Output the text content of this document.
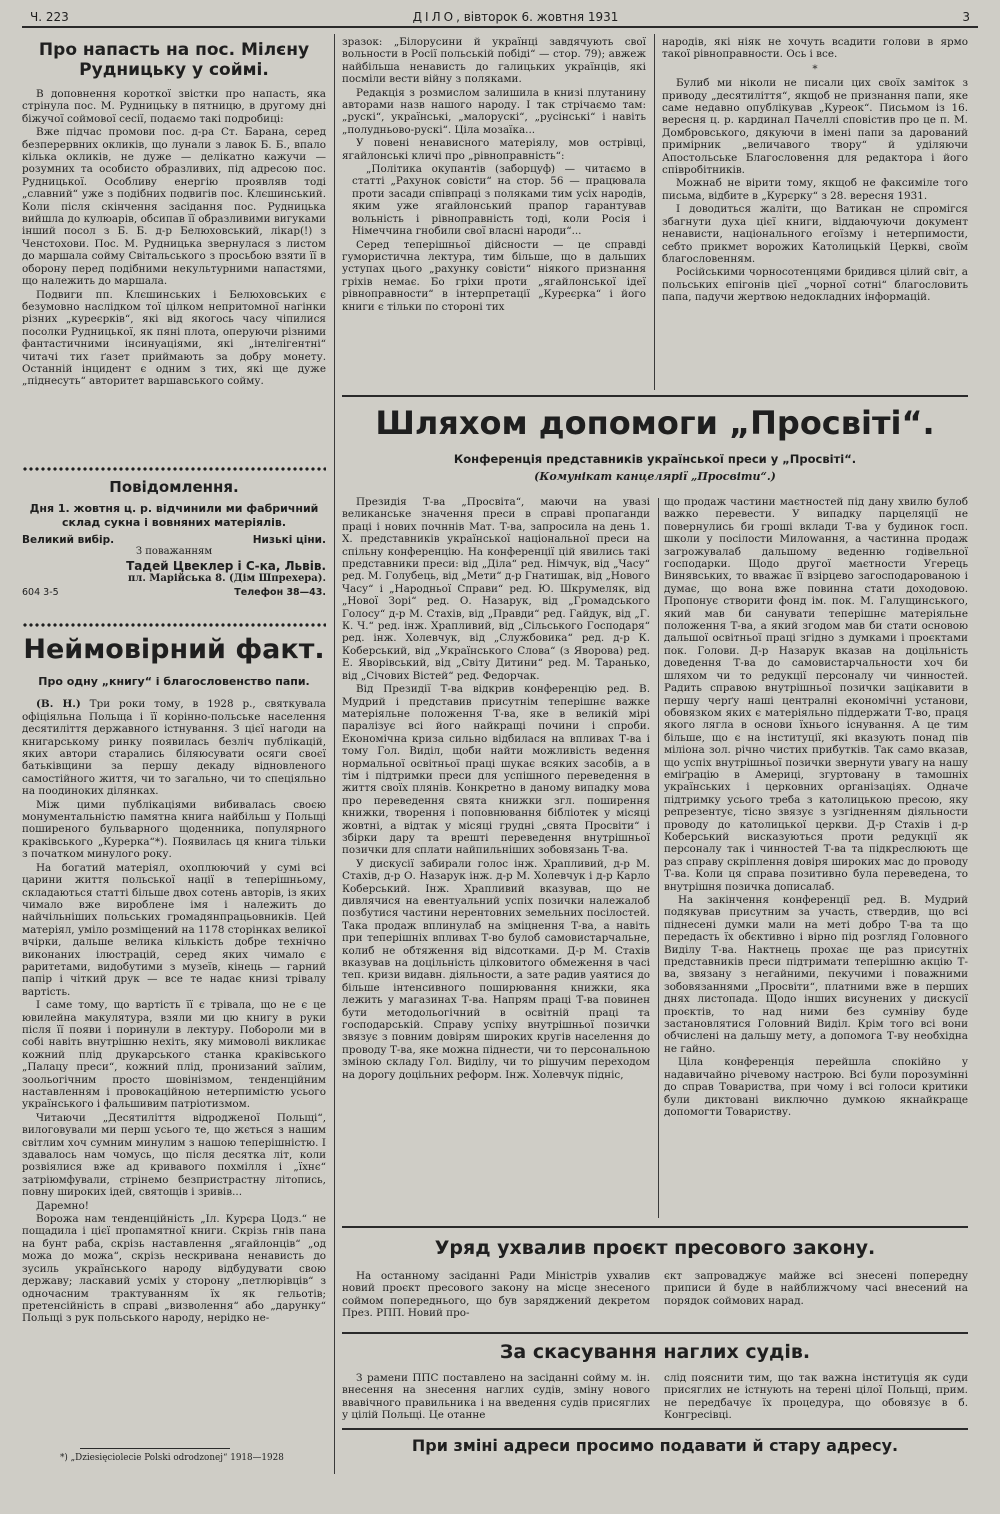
Ч. 223	ДІЛО, вівторок 6. жовтня 1931	3
Про напасть на пос. Мілєну Рудницьку у соймі.

В доповнення короткої звістки про напасть, яка стрінула пос. М. Рудницьку в пятницю, в другому дні біжучої соймової сесії, подаємо такі подробиці:

Вже підчас промови пос. д-ра Ст. Барана, серед безперервних окликів, що лунали з лавок Б. Б., впало кілька окликів, не дуже — делікатно кажучи — розумних та особисто образливих, під адресою пос. Рудницької. Особливу енергію проявляв тоді „славний“ уже з подібних подвигів пос. Клєшинський. Коли після скінчення засідання пос. Рудницька вийшла до кулюарів, обсипав її образливими вигуками інший посол з Б. Б. д-р Белюховський, лікар(!) з Ченстохови. Пос. М. Рудницька звернулася з листом до маршала сойму Світальського з просьбою взяти її в оборону перед подібними некультурними напастями, що належить до маршала.

Подвиги пп. Клєшинських і Белюховських є безумовно наслідком тої цілком непритомної нагінки різних „куреєрків“, які від якогось часу чіпилися посолки Рудницької, як пяні плота, оперуючи різними фантастичними інсинуаціями, які „інтелігентні“ читачі тих ґазет приймають за добру монету. Останній інцидент є одним з тих, які ще дуже „піднесуть“ авторитет варшавського сойму.

Повідомлення.

Дня 1. жовтня ц. р. відчинили ми фабричний склад сукна і вовняних матеріялів.

Великий вибір.	Низькі ціни.

З поважанням

Тадей Цвеклер і С-ка, Львів.

пл. Марійська 8. (Дім Шпрехера).

604 3-5	Телефон 38—43.
Неймовірний факт.

Про одну „книгу“ і благословенство папи.

(В. Н.) Три роки тому, в 1928 р., святкувала офіціяльна Польща і її корінно-польське населення десятиліття державного істнування. З цієї нагоди на книгарському ринку появилась безліч публікацій, яких автори старались біляюсувати осяги своєї батьківщини за першу декаду відновленого самостійного життя, чи то загально, чи то спеціяльно на поодиноких ділянках.

Між цими публікаціями вибивалась своєю монументальністю памятна книга найбільш у Польщі поширеного бульварного щоденника, популярного краківського „Курерка“*). Появилась ця книга тільки з початком минулого року.

На богатий матеріял, охоплюючий у сумі всі царини життя польської нації в теперішньому, складаються статті більше двох сотень авторів, із яких чимало вже вироблене імя і належить до найчільніших польських громадянпрацьовників. Цей матеріял, уміло розміщений на 1178 сторінках великої вчірки, дальше велика кількість добре технічно виконаних ілюстрацій, серед яких чимало є раритетами, видобутими з музеїв, кінець — гарний папір і чіткий друк — все те надає книзі трівалу вартість.

І саме тому, що вартість її є трівала, що не є це ювилейна макулятура, взяли ми цю книгу в руки після її появи і поринули в лектуру. Побороли ми в собі навіть внутрішню нехіть, яку мимоволі викликає кожний плід друкарського станка краківського „Палацу преси“, кожний плід, пронизаний заїлим, зоольогічним просто шовінізмом, тенденційним наставленням і провокаційною нетерпимістю усього українського і фальшивим патріотизмом.

Читаючи „Десятиліття відродженої Польщі“, вилоговували ми перш усього те, що жється з нашим світлим хоч сумним минулим з нашою теперішністю. І здавалось нам чомусь, що після десятка літ, коли розвіялися вже ад кривавого похмілля і „їхнє“ затріюмфували, стрінемо безпристрастну літопись, повну широких ідей, святощів і зривів...

Даремно!

Ворожа нам тенденційність „Іл. Курєра Цодз.“ не пощадила і цієї пропамятної книги. Скрізь гнів пана на бунт раба, скрізь наставлення „ягайлонців“ „од можа до можа“, скрізь нескривана ненависть до зусиль українського народу відбудувати свою державу; ласкавий усміх у сторону „петлюрівців“ з одночасним трактуванням їх як гельотів; претенсійність в справі „визволення“ або „дарунку“ Польщі з рук польського народу, нерідко не-

*) „Dziesięciolecie Polski odrodzonej“ 1918—1928

зразок: „Білорусини й українці завдячують свої вольности в Росії польській побіді“ — стор. 79); авжеж найбільша ненависть до галицьких українців, які посміли вести війну з поляками.

Редакція з розмислом залишила в книзі плутанину авторами назв нашого народу. І так стрічаємо там: „рускі“, українські, „малорускі“, „русінські“ і навіть „полудньово-рускі“. Ціла мозаїка...

У повені ненависного матеріялу, мов острівці, ягайлонські кличі про „рівноправність“:

„Політика окупантів (заборцуф) — читаємо в статті „Рахунок совісти“ на стор. 56 — працювала проти засади співпраці з поляками тим усіх народів, яким уже ягайлонський прапор гарантував вольність і рівноправність тоді, коли Росія і Німеччина гнобили свої власні народи“...

Серед теперішньої дійсности — це справді гумористична лектура, тим більше, що в дальших уступах цього „рахунку совісти“ ніякого признання гріхів немає. Бо гріхи проти „ягайлонської ідеї рівноправности“ в інтерпретації „Куреєрка“ і його книги є тільки по стороні тих

народів, які ніяк не хочуть всадити голови в ярмо такої рівноправности. Ось і все.

*

Булиб ми ніколи не писали цих своїх заміток з приводу „десятиліття“, якщоб не признання папи, яке саме недавно опублікував „Куреок“. Письмом із 16. вересня ц. р. кардинал Пачеллі сповістив про це п. М. Домбровського, дякуючи в імені папи за дарований примірник „величавого твору“ й уділяючи Апостольське Благословення для редактора і його співробітників.

Можнаб не вірити тому, якщоб не факсиміле того письма, відбите в „Курєрку“ з 28. вересня 1931.

І доводиться жаліти, що Ватикан не спромігся збагнути духа цієї книги, віддаючуючи документ ненависти, національного егоїзму і нетерпимости, себто прикмет ворожих Католицькій Церкві, своїм благословенням.

Російськими чорносотенцями бридився цілий світ, а польських епігонів цієї „чорної сотні“ благословить папа, падучи жертвою недокладних інформацій.

Шляхом допомоги „Просвіті“.

Конференція представників української преси у „Просвіті“.

(Комунікат канцелярії „Просвіти“.)

Президія Т-ва „Просвіта“, маючи на увазі великанське значення преси в справі пропаганди праці і нових почннів Мат. Т-ва, запросила на день 1. Х. представників української національної преси на спільну конференцію. На конференції цій явились такі представники преси: від „Діла“ ред. Німчук, від „Часу“ ред. М. Голубець, від „Мети“ д-р Гнатишак, від „Нового Часу“ і „Народньої Справи“ ред. Ю. Шкрумеляк, від „Нової Зорі“ ред. О. Назарук, від „Громадського Голосу“ д-р М. Стахів, від „Правди“ ред. Гайдук, від „Г. К. Ч.“ ред. інж. Храпливий, від „Сільського Господаря“ ред. інж. Холевчук, від „Службовика“ ред. д-р К. Коберський, від „Українського Слова“ (з Яворова) ред. Е. Яворівський, від „Світу Дитини“ ред. М. Таранько, від „Січових Вістей“ ред. Федорчак.

Від Президії Т-ва відкрив конференцію ред. В. Мудрий і представив присутнім теперішнє важке матеріяльне положення Т-ва, яке в великій мірі паралізує всі його найкращі почини і спроби. Економічна криза сильно відбилася на впливах Т-ва і тому Гол. Виділ, щоби найти можливість ведення нормальної освітньої праці шукає всяких засобів, а в тім і підтримки преси для успішного переведення в життя своїх плянів. Конкретно в даному випадку мова про переведення свята книжки згл. поширення книжки, творення і поповнювання бібліотек у місяці жовтні, а відтак у місяці грудні „свята Просвіти“ і збірки дару та врешті переведення внутрішньої позички для сплати найпильніших зобовязань Т-ва.

У дискусії забирали голос інж. Храпливий, д-р М. Стахів, д-р О. Назарук інж. д-р М. Холевчук і д-р Карло Коберський. Інж. Храпливий вказував, що не дивлячися на евентуальний успіх позички належалоб позбутися частини нерентовних земельних посілостей. Така продаж вплинулаб на зміцнення Т-ва, а навіть при теперішніх впливах Т-во булоб самовистарчальне, колиб не обтяження від відсотками. Д-р М. Стахів вказував на доцільність цілковитого обмеження в часі теп. кризи видавн. діяльности, а зате радив уаятися до більше інтенсивного поширювання книжки, яка лежить у магазинах Т-ва. Напрям праці Т-ва повинен бути методольогічний в освітній праці та господарській. Справу успіху внутрішньої позички звязує з повним довірям широких кругів населення до проводу Т-ва, яке можна піднести, чи то персональною зміною складу Гол. Виділу, чи то рішучим переходом на дорогу доцільних реформ. Інж. Холевчук підніс,

що продаж частини маєтностей під дану хвилю булоб важко перевести. У випадку парцеляції не повернулись би гроші вклади Т-ва у будинок госп. школи у посілости Милowання, а частинна продаж загрожувалаб дальшому веденню годівельної господарки. Щодо другої маєтности Угерець Винявських, то вважає її взірцево загосподарованою і думає, що вона вже повинна стати доходовою. Пропонує створити фонд ім. пок. М. Галущинського, який мав би санувати теперішнє матеріяльне положення Т-ва, а який згодом мав би стати основою дальшої освітньої праці згідно з думками і проєктами пок. Голови. Д-р Назарук вказав на доцільність доведення Т-ва до самовистарчальности хоч би шляхом чи то редукції персоналу чи чинностей. Радить справою внутрішньої позички зацікавити в першу черґу наші централні економічні установи, обовязком яких є матеріяльно піддержати Т-во, праця якого лягла в основи їхнього існування. А це тим більше, що є на інституції, які вказують понад пів міліона зол. річно чистих прибутків. Так само вказав, що успіх внутрішньої позички звернути увагу на нашу еміґрацію в Америці, згуртовану в тамошніх українських і церковних організаціях. Одначе підтримку усього треба з католицькою пресою, яку репрезентує, тісно звязує з узгідненням діяльности проводу до католицької церкви. Д-р Стахів і д-р Коберський висказуються проти редукції як персоналу так і чинностей Т-ва та підкреслюють ще раз справу скріплення довіря широких мас до проводу Т-ва. Коли ця справа позитивно була переведена, то внутрішня позичка дописалаб.

На закінчення конференції ред. В. Мудрий подякував присутним за участь, ствердив, що всі піднесені думки мали на меті добро Т-ва та що передасть їх обєктивно і вірно під розгляд Головного Виділу Т-ва. Нактнець прохає ще раз присутніх представників преси підтримати теперішню акцію Т-ва, звязану з негайними, пекучими і поважними зобовязаннями „Просвіти“, платними вже в перших днях листопада. Щодо інших висунених у дискусії проєктів, то над ними без сумніву буде застановлятися Головний Виділ. Крім того всі вони обчислені на дальшу мету, а допомога Т-ву необхідна не гайно.

Ціла конференція перейшла спокійно у надавичайно річевому настрою. Всі були порозумінні до справ Товариства, при чому і всі голоси критики були диктовані виключно думкою якнайкраще допомогти Товариству.

Уряд ухвалив проєкт пресового закону.

На останному засіданні Ради Міністрів ухвалив новий проєкт пресового закону на місце знесеного соймом попереднього, що був заряджений декретом През. РПП. Новий про-

єкт запроваджує майже всі знесені попередну приписи й буде в найближчому часі внесений на порядок соймових нарад.

За скасування наглих судів.

З рамени ППС поставлено на засіданні сойму м. ін. внесення на знесення наглих судів, зміну нового ввавічного правильника і на введення судів присяглих у цілій Польщі. Це отанне

слід пояснити тим, що так важна інституція як суди присяглих не істнують на терені цілої Польщі, прим. не передбачує їх процедура, що обовязує в б. Конгресівці.

При зміні адреси просимо подавати й стару адресу.
